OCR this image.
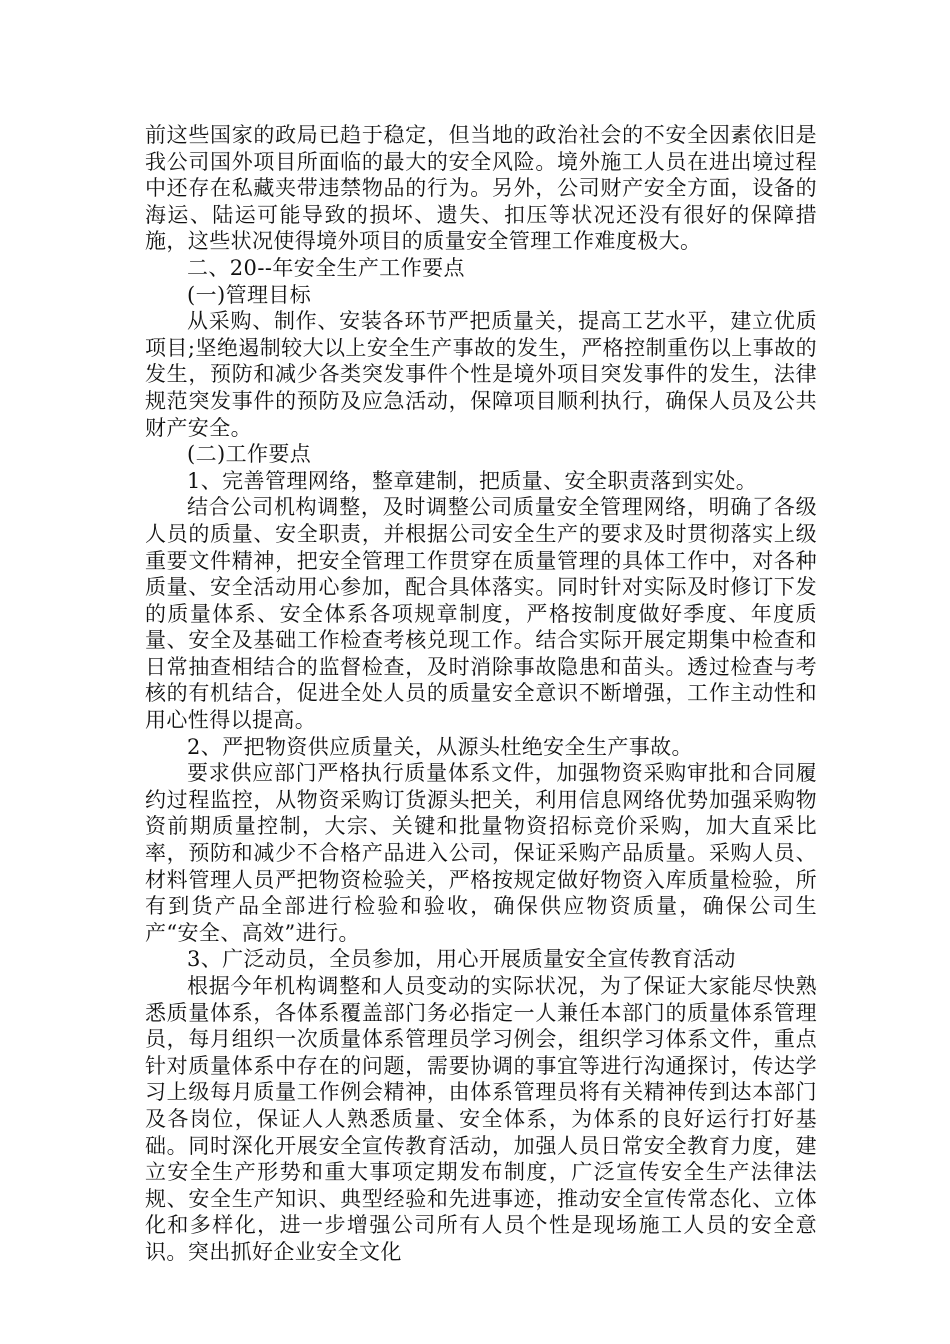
前这些国家的政局已趋于稳定，但当地的政治社会的不安全因素依旧是我公司国外项目所面临的最大的安全风险。境外施工人员在进出境过程中还存在私藏夹带违禁物品的行为。另外，公司财产安全方面，设备的海运、陆运可能导致的损坏、遗失、扣压等状况还没有很好的保障措施，这些状况使得境外项目的质量安全管理工作难度极大。

二、20--年安全生产工作要点

(一)管理目标

从采购、制作、安装各环节严把质量关，提高工艺水平，建立优质项目;坚绝遏制较大以上安全生产事故的发生，严格控制重伤以上事故的发生，预防和减少各类突发事件个性是境外项目突发事件的发生，法律规范突发事件的预防及应急活动，保障项目顺利执行，确保人员及公共财产安全。

(二)工作要点

1、完善管理网络，整章建制，把质量、安全职责落到实处。

结合公司机构调整，及时调整公司质量安全管理网络，明确了各级人员的质量、安全职责，并根据公司安全生产的要求及时贯彻落实上级重要文件精神，把安全管理工作贯穿在质量管理的具体工作中，对各种质量、安全活动用心参加，配合具体落实。同时针对实际及时修订下发的质量体系、安全体系各项规章制度，严格按制度做好季度、年度质量、安全及基础工作检查考核兑现工作。结合实际开展定期集中检查和日常抽查相结合的监督检查，及时消除事故隐患和苗头。透过检查与考核的有机结合，促进全处人员的质量安全意识不断增强，工作主动性和用心性得以提高。

2、严把物资供应质量关，从源头杜绝安全生产事故。

要求供应部门严格执行质量体系文件，加强物资采购审批和合同履约过程监控，从物资采购订货源头把关，利用信息网络优势加强采购物资前期质量控制，大宗、关键和批量物资招标竞价采购，加大直采比率，预防和减少不合格产品进入公司，保证采购产品质量。采购人员、材料管理人员严把物资检验关，严格按规定做好物资入库质量检验，所有到货产品全部进行检验和验收，确保供应物资质量，确保公司生产“安全、高效”进行。

3、广泛动员，全员参加，用心开展质量安全宣传教育活动

根据今年机构调整和人员变动的实际状况，为了保证大家能尽快熟悉质量体系，各体系覆盖部门务必指定一人兼任本部门的质量体系管理员，每月组织一次质量体系管理员学习例会，组织学习体系文件，重点针对质量体系中存在的问题，需要协调的事宜等进行沟通探讨，传达学习上级每月质量工作例会精神，由体系管理员将有关精神传到达本部门及各岗位，保证人人熟悉质量、安全体系，为体系的良好运行打好基础。同时深化开展安全宣传教育活动，加强人员日常安全教育力度，建立安全生产形势和重大事项定期发布制度，广泛宣传安全生产法律法规、安全生产知识、典型经验和先进事迹，推动安全宣传常态化、立体化和多样化，进一步增强公司所有人员个性是现场施工人员的安全意识。突出抓好企业安全文化
